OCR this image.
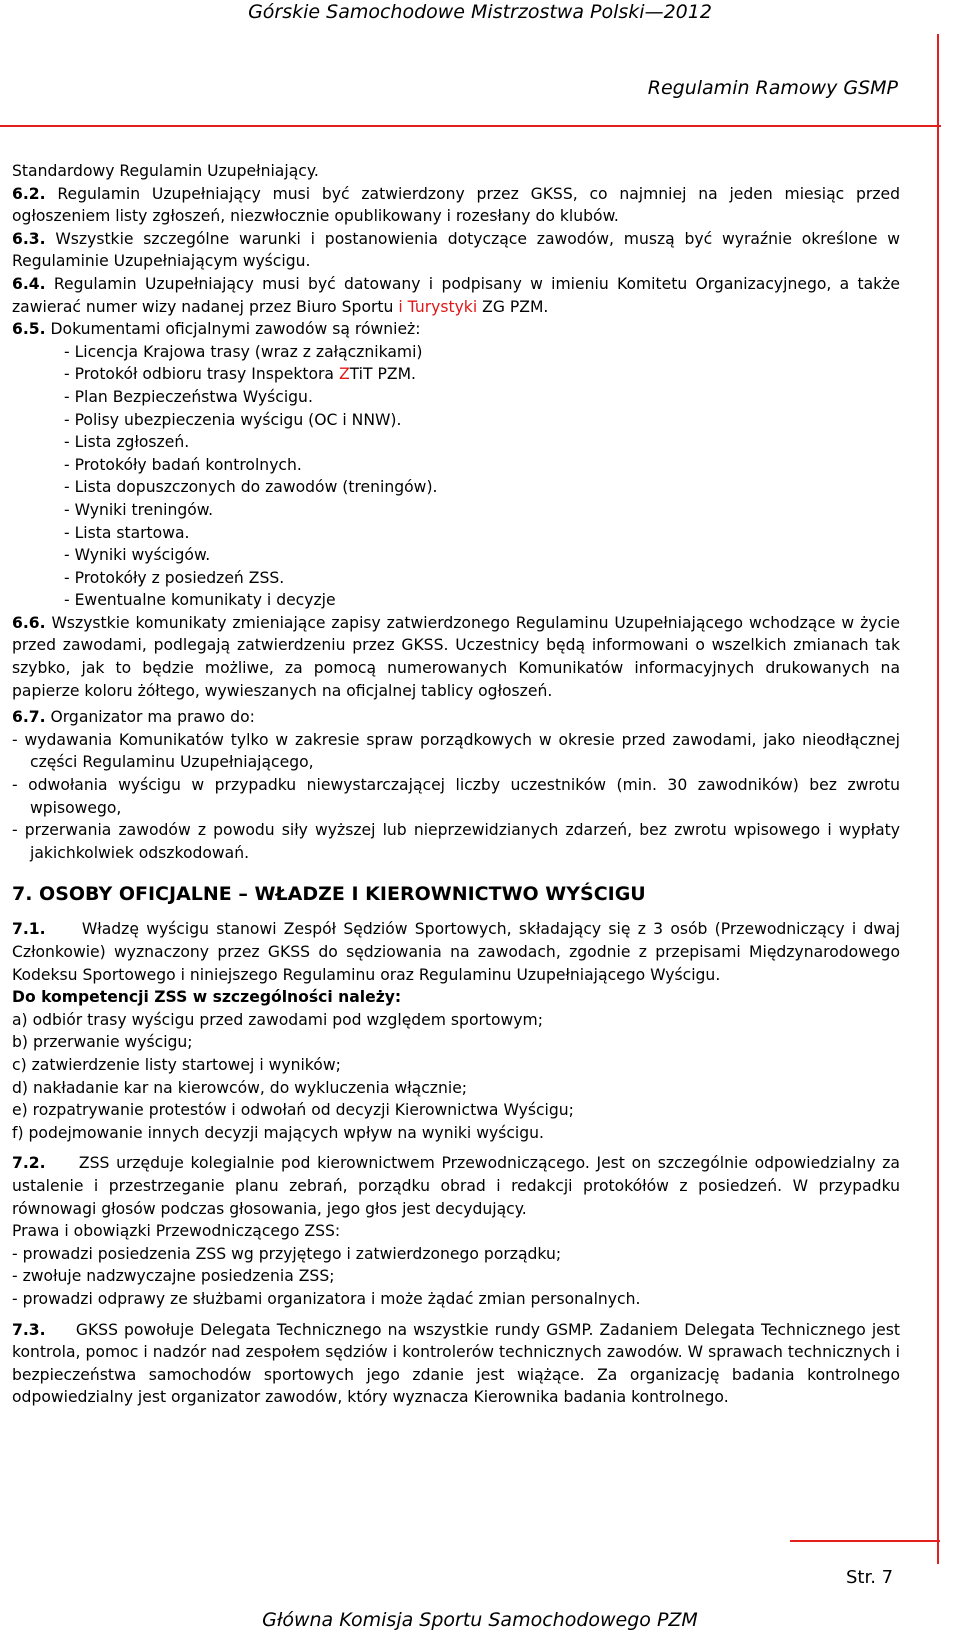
Górskie Samochodowe Mistrzostwa Polski—2012
Regulamin Ramowy GSMP

Standardowy Regulamin Uzupełniający.

6.2. Regulamin Uzupełniający musi być zatwierdzony przez GKSS, co najmniej na jeden miesiąc przed ogłoszeniem listy zgłoszeń, niezwłocznie opublikowany i rozesłany do klubów.

6.3. Wszystkie szczególne warunki i postanowienia dotyczące zawodów, muszą być wyraźnie określone w Regulaminie Uzupełniającym wyścigu.

6.4. Regulamin Uzupełniający musi być datowany i podpisany w imieniu Komitetu Organizacyjnego, a także zawierać numer wizy nadanej przez Biuro Sportu i Turystyki ZG PZM.

6.5. Dokumentami oficjalnymi zawodów są również:

- Licencja Krajowa trasy (wraz z załącznikami)
- Protokół odbioru trasy Inspektora ZTiT PZM.
- Plan Bezpieczeństwa Wyścigu.
- Polisy ubezpieczenia wyścigu (OC i NNW).
- Lista zgłoszeń.
- Protokóły badań kontrolnych.
- Lista dopuszczonych do zawodów (treningów).
- Wyniki treningów.
- Lista startowa.
- Wyniki wyścigów.
- Protokóły z posiedzeń ZSS.
- Ewentualne komunikaty i decyzje

6.6. Wszystkie komunikaty zmieniające zapisy zatwierdzonego Regulaminu Uzupełniającego wchodzące w życie przed zawodami, podlegają zatwierdzeniu przez GKSS. Uczestnicy będą informowani o wszelkich zmianach tak szybko, jak to będzie możliwe, za pomocą numerowanych Komunikatów informacyjnych drukowanych na papierze koloru żółtego, wywieszanych na oficjalnej tablicy ogłoszeń.

6.7. Organizator ma prawo do:

- wydawania Komunikatów tylko w zakresie spraw porządkowych w okresie przed zawodami, jako nieodłącznej części Regulaminu Uzupełniającego,
- odwołania wyścigu w przypadku niewystarczającej liczby uczestników (min. 30 zawodników) bez zwrotu wpisowego,
- przerwania zawodów z powodu siły wyższej lub nieprzewidzianych zdarzeń, bez zwrotu wpisowego i wypłaty jakichkolwiek odszkodowań.
7. OSOBY OFICJALNE – WŁADZE I KIEROWNICTWO WYŚCIGU

7.1.     Władzę wyścigu stanowi Zespół Sędziów Sportowych, składający się z 3 osób (Przewodniczący i dwaj Członkowie) wyznaczony przez GKSS do sędziowania na zawodach, zgodnie z przepisami Międzynarodowego Kodeksu Sportowego i niniejszego Regulaminu oraz Regulaminu Uzupełniającego Wyścigu.

Do kompetencji ZSS w szczególności należy:

a) odbiór trasy wyścigu przed zawodami pod względem sportowym;
b) przerwanie wyścigu;
c) zatwierdzenie listy startowej i wyników;
d) nakładanie kar na kierowców, do wykluczenia włącznie;
e) rozpatrywanie protestów i odwołań od decyzji Kierownictwa Wyścigu;
f) podejmowanie innych decyzji mających wpływ na wyniki wyścigu.

7.2.     ZSS urzęduje kolegialnie pod kierownictwem Przewodniczącego. Jest on szczególnie odpowiedzialny za ustalenie i przestrzeganie planu zebrań, porządku obrad i redakcji protokółów z posiedzeń. W przypadku równowagi głosów podczas głosowania, jego głos jest decydujący.

Prawa i obowiązki Przewodniczącego ZSS:

- prowadzi posiedzenia ZSS wg przyjętego i zatwierdzonego porządku;
- zwołuje nadzwyczajne posiedzenia ZSS;
- prowadzi odprawy ze służbami organizatora i może żądać zmian personalnych.

7.3.     GKSS powołuje Delegata Technicznego na wszystkie rundy GSMP. Zadaniem Delegata Technicznego jest kontrola, pomoc i nadzór nad zespołem sędziów i kontrolerów technicznych zawodów. W sprawach technicznych i bezpieczeństwa samochodów sportowych jego zdanie jest wiążące. Za organizację badania kontrolnego odpowiedzialny jest organizator zawodów, który wyznacza Kierownika badania kontrolnego.

Str. 7
Główna Komisja Sportu Samochodowego PZM
